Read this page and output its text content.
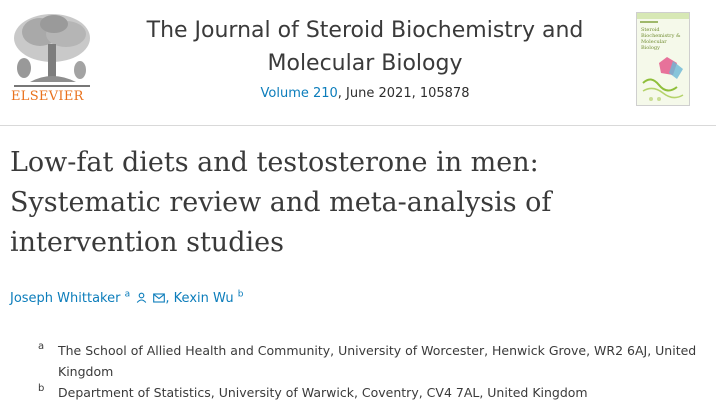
ELSEVIER
The Journal of Steroid Biochemistry and
Molecular Biology
Volume 210, June 2021, 105878
Steroid
Biochemistry &
Molecular
Biology
Low-fat diets and testosterone in men:
Systematic review and meta-analysis of
intervention studies
Joseph Whittaker $^a$	, Kexin Wu $^b$
a The School of Allied Health and Community, University of Worcester, Henwick Grove, WR2 6AJ, United Kingdom
b Department of Statistics, University of Warwick, Coventry, CV4 7AL, United Kingdom
